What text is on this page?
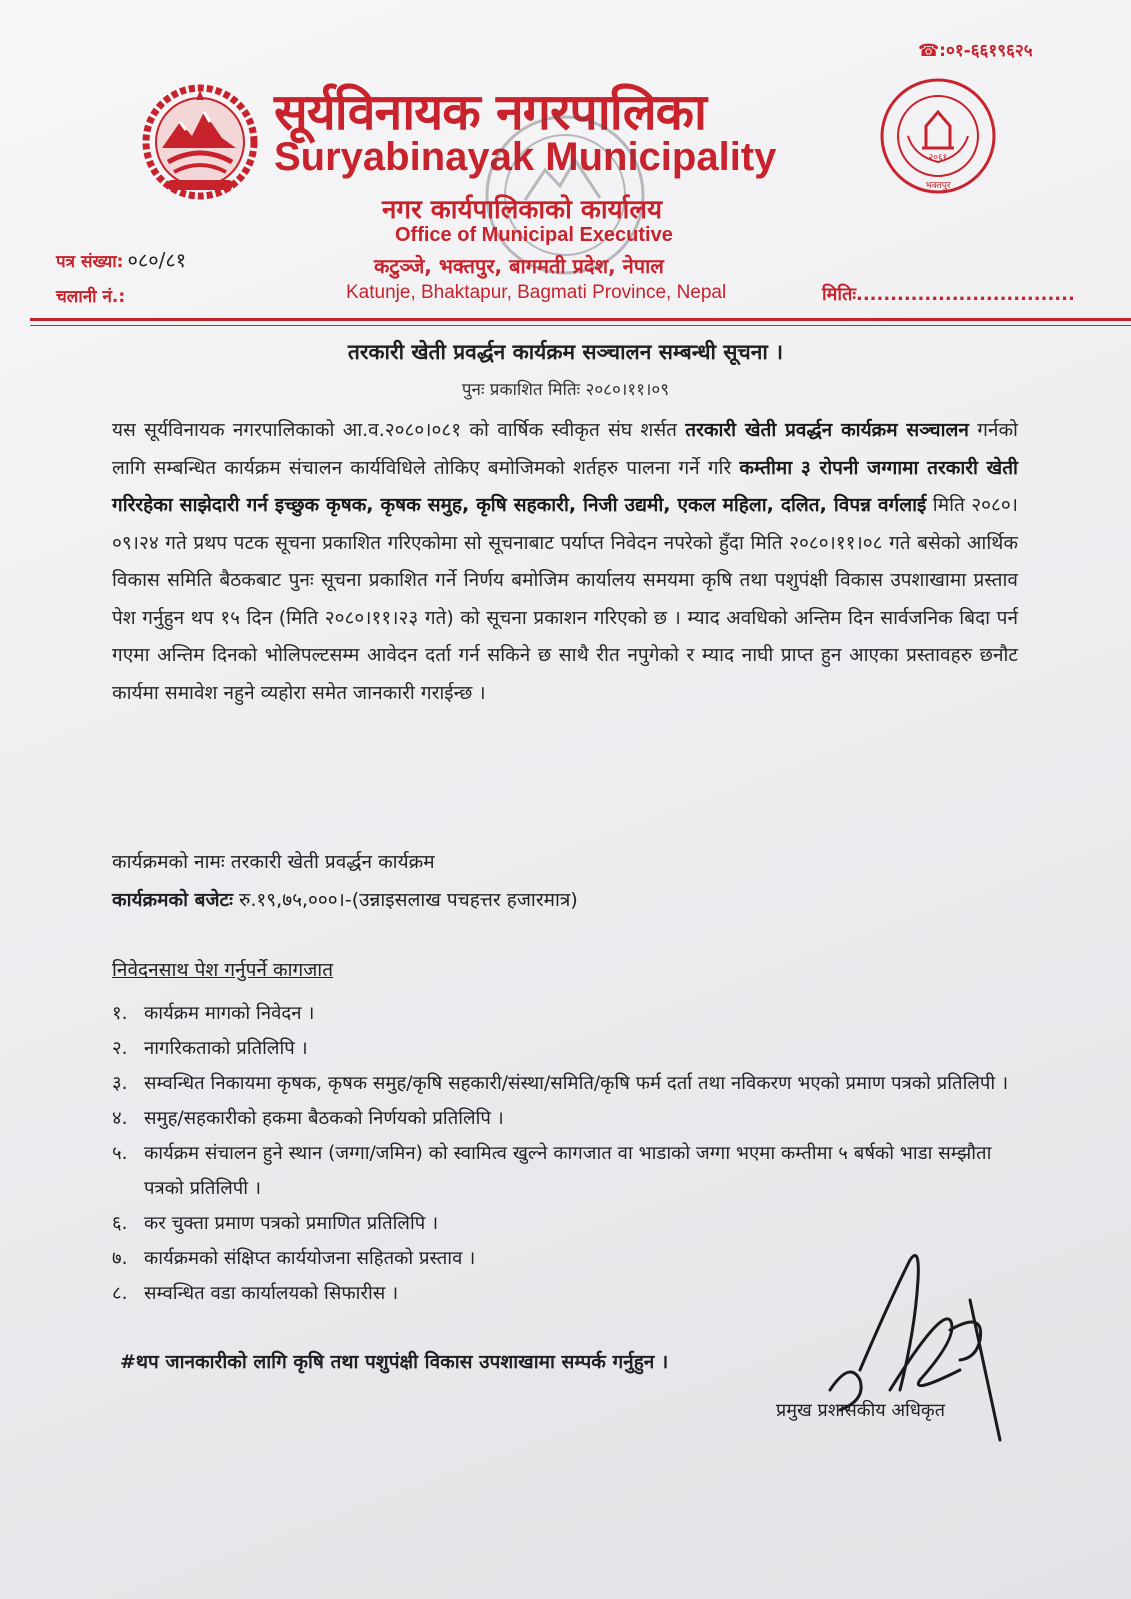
☎:०१-६६१९६२५
सूर्यविनायक नगरपालिका
Suryabinayak Municipality
नगर कार्यपालिकाको कार्यालय
Office of Municipal Executive
कटुञ्जे, भक्तपुर, बागमती प्रदेश, नेपाल
Katunje, Bhaktapur, Bagmati Province, Nepal
२०६१
भक्तपुर
पत्र संख्या: ०८०/८१
चलानी नं.:	मितिः................................
तरकारी खेती प्रवर्द्धन कार्यक्रम सञ्चालन सम्बन्धी सूचना ।
पुनः प्रकाशित मितिः २०८०।११।०९
यस सूर्यविनायक नगरपालिकाको आ.व.२०८०।०८१ को वार्षिक स्वीकृत संघ शर्सत तरकारी खेती प्रवर्द्धन कार्यक्रम सञ्चालन गर्नको लागि सम्बन्धित कार्यक्रम संचालन कार्यविधिले तोकिए बमोजिमको शर्तहरु पालना गर्ने गरि कम्तीमा ३ रोपनी जग्गामा तरकारी खेती गरिरहेका साझेदारी गर्न इच्छुक कृषक, कृषक समुह, कृषि सहकारी, निजी उद्यमी, एकल महिला, दलित, विपन्न वर्गलाई मिति २०८०।०९।२४ गते प्रथप पटक सूचना प्रकाशित गरिएकोमा सो सूचनाबाट पर्याप्त निवेदन नपरेको हुँदा मिति २०८०।११।०८ गते बसेको आर्थिक विकास समिति बैठकबाट पुनः सूचना प्रकाशित गर्ने निर्णय बमोजिम कार्यालय समयमा कृषि तथा पशुपंक्षी विकास उपशाखामा प्रस्ताव पेश गर्नुहुन थप १५ दिन (मिति २०८०।११।२३ गते) को सूचना प्रकाशन गरिएको छ । म्याद अवधिको अन्तिम दिन सार्वजनिक बिदा पर्न गएमा अन्तिम दिनको भोलिपल्टसम्म आवेदन दर्ता गर्न सकिने छ साथै रीत नपुगेको र म्याद नाघी प्राप्त हुन आएका प्रस्तावहरु छनौट कार्यमा समावेश नहुने व्यहोरा समेत जानकारी गराईन्छ ।
कार्यक्रमको नामः तरकारी खेती प्रवर्द्धन कार्यक्रम
कार्यक्रमको बजेटः रु.१९,७५,०००।-(उन्नाइसलाख पचहत्तर हजारमात्र)
निवेदनसाथ पेश गर्नुपर्ने कागजात
१. कार्यक्रम मागको निवेदन ।
२. नागरिकताको प्रतिलिपि ।
३. सम्वन्धित निकायमा कृषक, कृषक समुह/कृषि सहकारी/संस्था/समिति/कृषि फर्म दर्ता तथा नविकरण भएको प्रमाण पत्रको प्रतिलिपी ।
४. समुह/सहकारीको हकमा बैठकको निर्णयको प्रतिलिपि ।
५. कार्यक्रम संचालन हुने स्थान (जग्गा/जमिन) को स्वामित्व खुल्ने कागजात वा भाडाको जग्गा भएमा कम्तीमा ५ बर्षको भाडा सम्झौता पत्रको प्रतिलिपी ।
६. कर चुक्ता प्रमाण पत्रको प्रमाणित प्रतिलिपि ।
७. कार्यक्रमको संक्षिप्त कार्ययोजना सहितको प्रस्ताव ।
८. सम्वन्धित वडा कार्यालयको सिफारीस ।
#थप जानकारीको लागि कृषि तथा पशुपंक्षी विकास उपशाखामा सम्पर्क गर्नुहुन ।
प्रमुख प्रशासकीय अधिकृत
